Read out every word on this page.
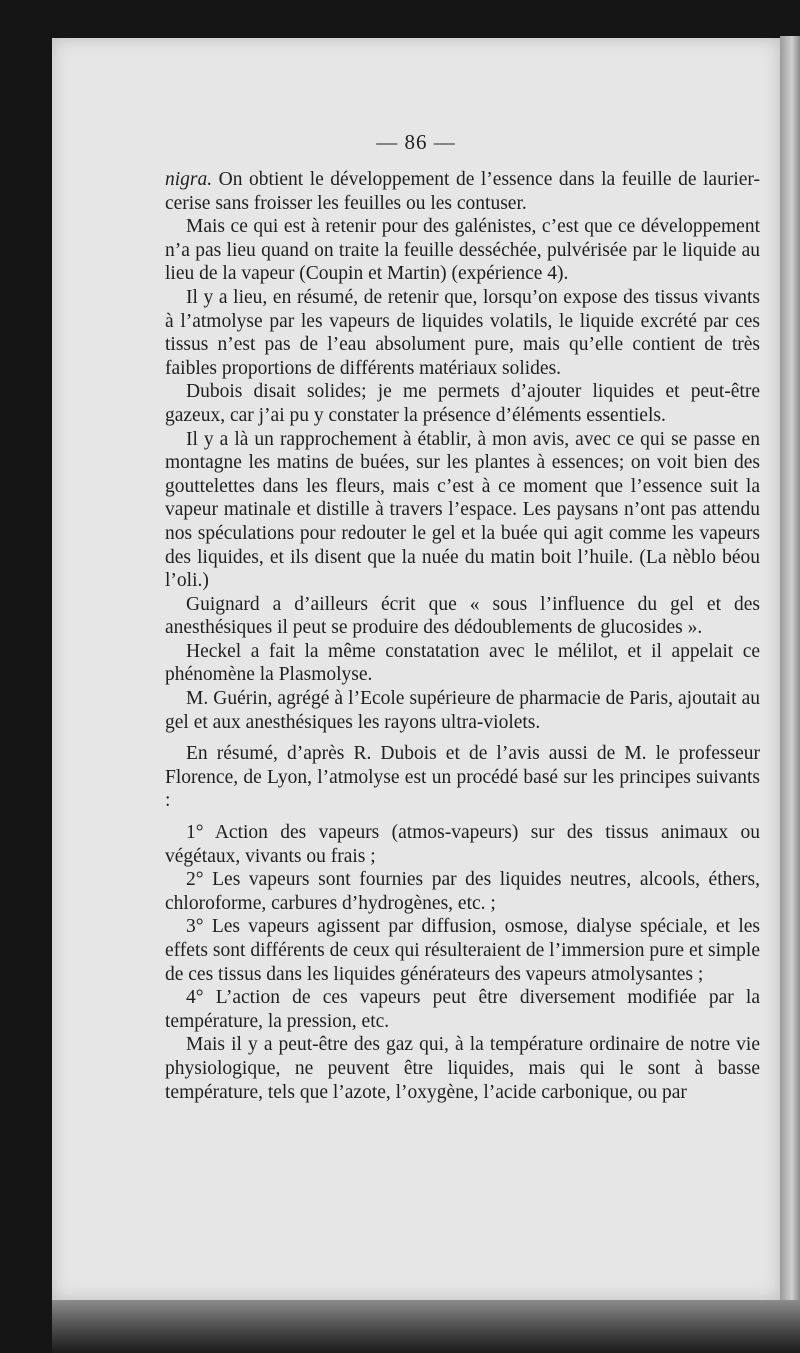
— 86 —

nigra. On obtient le développement de l’essence dans la feuille de laurier-cerise sans froisser les feuilles ou les contuser.

Mais ce qui est à retenir pour des galénistes, c’est que ce développement n’a pas lieu quand on traite la feuille desséchée, pulvérisée par le liquide au lieu de la vapeur (Coupin et Martin) (expérience 4).

Il y a lieu, en résumé, de retenir que, lorsqu’on expose des tissus vivants à l’atmolyse par les vapeurs de liquides volatils, le liquide excrété par ces tissus n’est pas de l’eau absolument pure, mais qu’elle contient de très faibles proportions de différents matériaux solides.

Dubois disait solides; je me permets d’ajouter liquides et peut-être gazeux, car j’ai pu y constater la présence d’éléments essentiels.

Il y a là un rapprochement à établir, à mon avis, avec ce qui se passe en montagne les matins de buées, sur les plantes à essences; on voit bien des gouttelettes dans les fleurs, mais c’est à ce moment que l’essence suit la vapeur matinale et distille à travers l’espace. Les paysans n’ont pas attendu nos spéculations pour redouter le gel et la buée qui agit comme les vapeurs des liquides, et ils disent que la nuée du matin boit l’huile. (La nèblo béou l’oli.)

Guignard a d’ailleurs écrit que « sous l’influence du gel et des anesthésiques il peut se produire des dédoublements de glucosides ».

Heckel a fait la même constatation avec le mélilot, et il appelait ce phénomène la Plasmolyse.

M. Guérin, agrégé à l’Ecole supérieure de pharmacie de Paris, ajoutait au gel et aux anesthésiques les rayons ultra-violets.

En résumé, d’après R. Dubois et de l’avis aussi de M. le professeur Florence, de Lyon, l’atmolyse est un procédé basé sur les principes suivants :

1° Action des vapeurs (atmos-vapeurs) sur des tissus animaux ou végétaux, vivants ou frais ;

2° Les vapeurs sont fournies par des liquides neutres, alcools, éthers, chloroforme, carbures d’hydrogènes, etc. ;

3° Les vapeurs agissent par diffusion, osmose, dialyse spéciale, et les effets sont différents de ceux qui résulteraient de l’immersion pure et simple de ces tissus dans les liquides générateurs des vapeurs atmolysantes ;

4° L’action de ces vapeurs peut être diversement modifiée par la température, la pression, etc.

Mais il y a peut-être des gaz qui, à la température ordinaire de notre vie physiologique, ne peuvent être liquides, mais qui le sont à basse température, tels que l’azote, l’oxygène, l’acide carbonique, ou par
